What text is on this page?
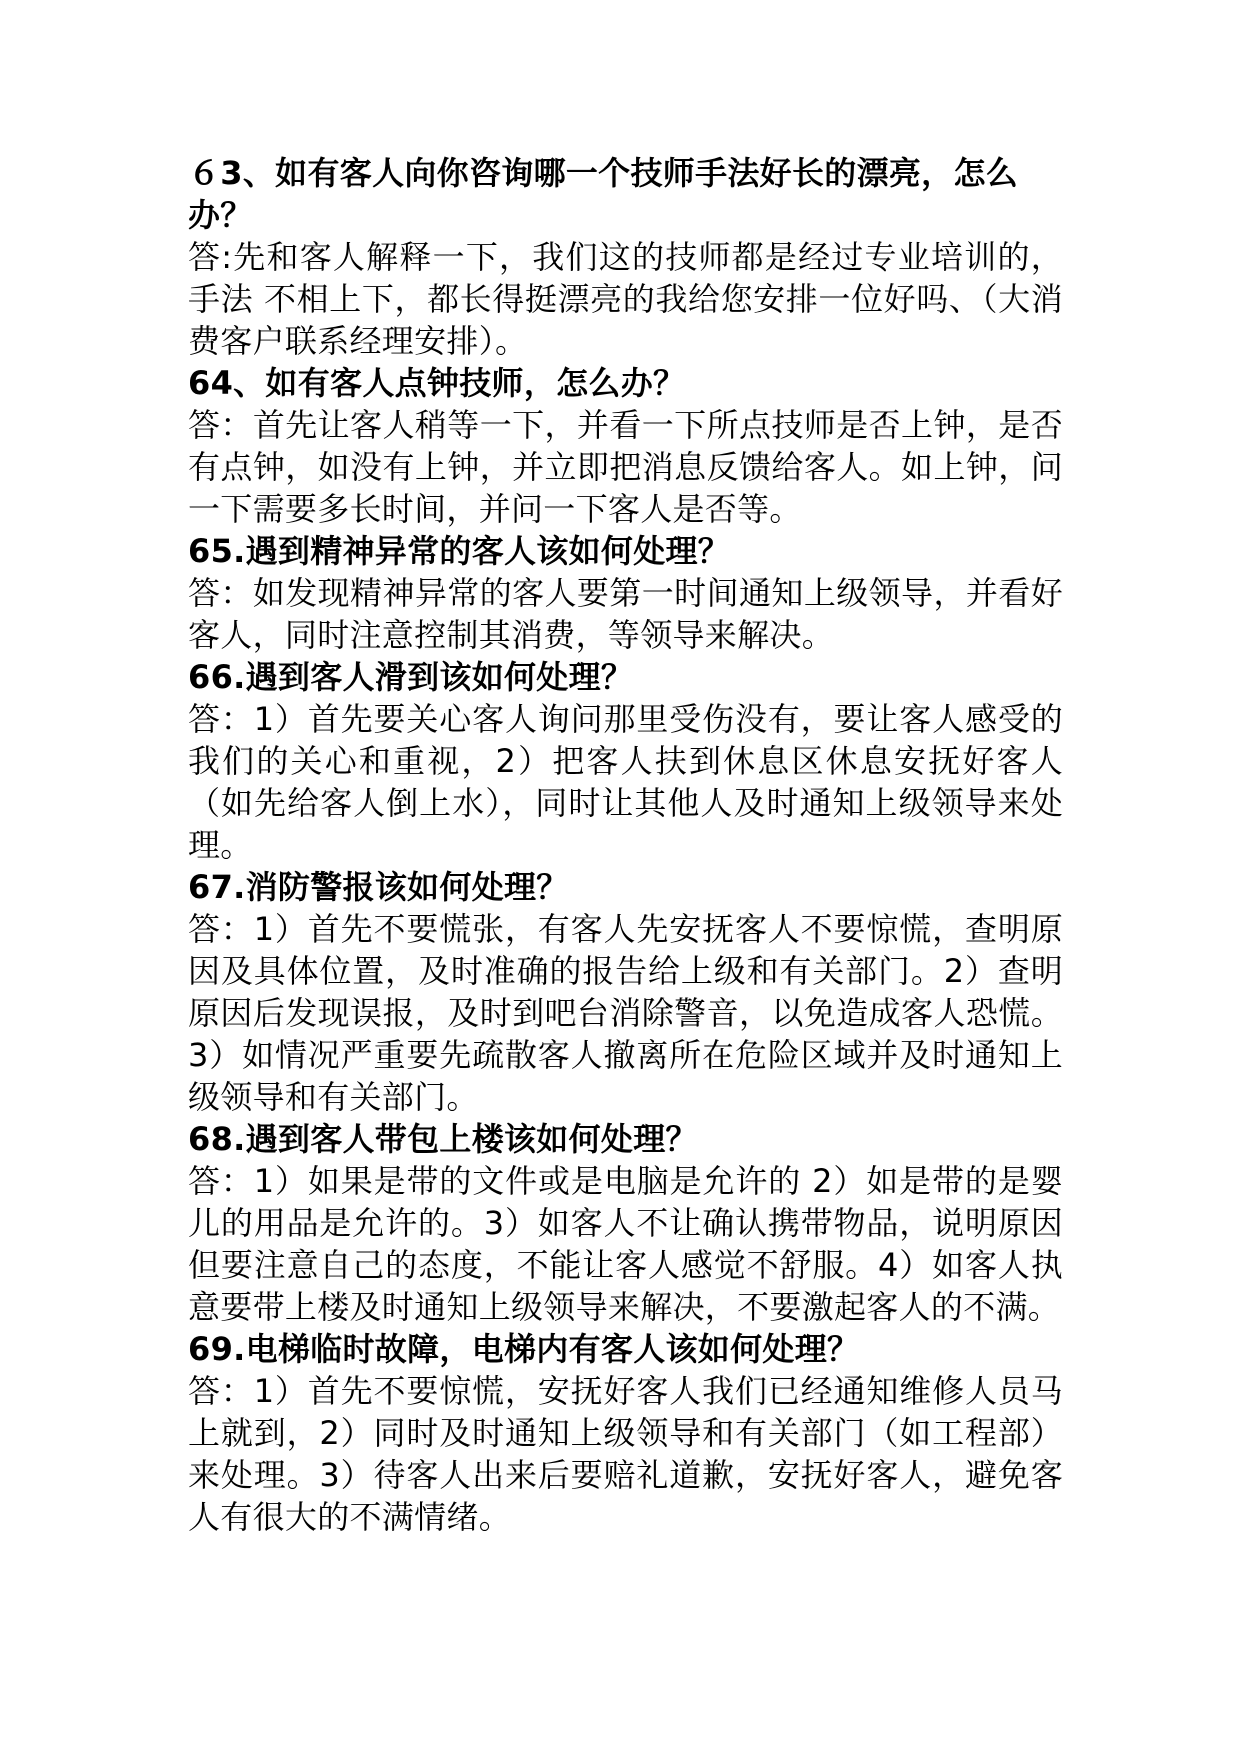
６3、如有客人向你咨询哪一个技师手法好长的漂亮，怎么办？

答:先和客人解释一下，我们这的技师都是经过专业培训的，手法 不相上下，都长得挺漂亮的我给您安排一位好吗、（大消费客户联系经理安排）。

64、如有客人点钟技师，怎么办？

答：首先让客人稍等一下，并看一下所点技师是否上钟，是否有点钟，如没有上钟，并立即把消息反馈给客人。如上钟，问一下需要多长时间，并问一下客人是否等。

65.遇到精神异常的客人该如何处理？

答：如发现精神异常的客人要第一时间通知上级领导，并看好客人，同时注意控制其消费，等领导来解决。

66.遇到客人滑到该如何处理？

答：1）首先要关心客人询问那里受伤没有，要让客人感受的我们的关心和重视，2）把客人扶到休息区休息安抚好客人（如先给客人倒上水），同时让其他人及时通知上级领导来处理。

67.消防警报该如何处理？

答：1）首先不要慌张，有客人先安抚客人不要惊慌，查明原因及具体位置，及时准确的报告给上级和有关部门。2）查明原因后发现误报，及时到吧台消除警音，以免造成客人恐慌。3）如情况严重要先疏散客人撤离所在危险区域并及时通知上级领导和有关部门。

68.遇到客人带包上楼该如何处理？

答：1）如果是带的文件或是电脑是允许的 2）如是带的是婴儿的用品是允许的。3）如客人不让确认携带物品，说明原因但要注意自己的态度，不能让客人感觉不舒服。4）如客人执意要带上楼及时通知上级领导来解决，不要激起客人的不满。

69.电梯临时故障，电梯内有客人该如何处理？

答：1）首先不要惊慌，安抚好客人我们已经通知维修人员马上就到，2）同时及时通知上级领导和有关部门（如工程部）来处理。3）待客人出来后要赔礼道歉，安抚好客人，避免客人有很大的不满情绪。
